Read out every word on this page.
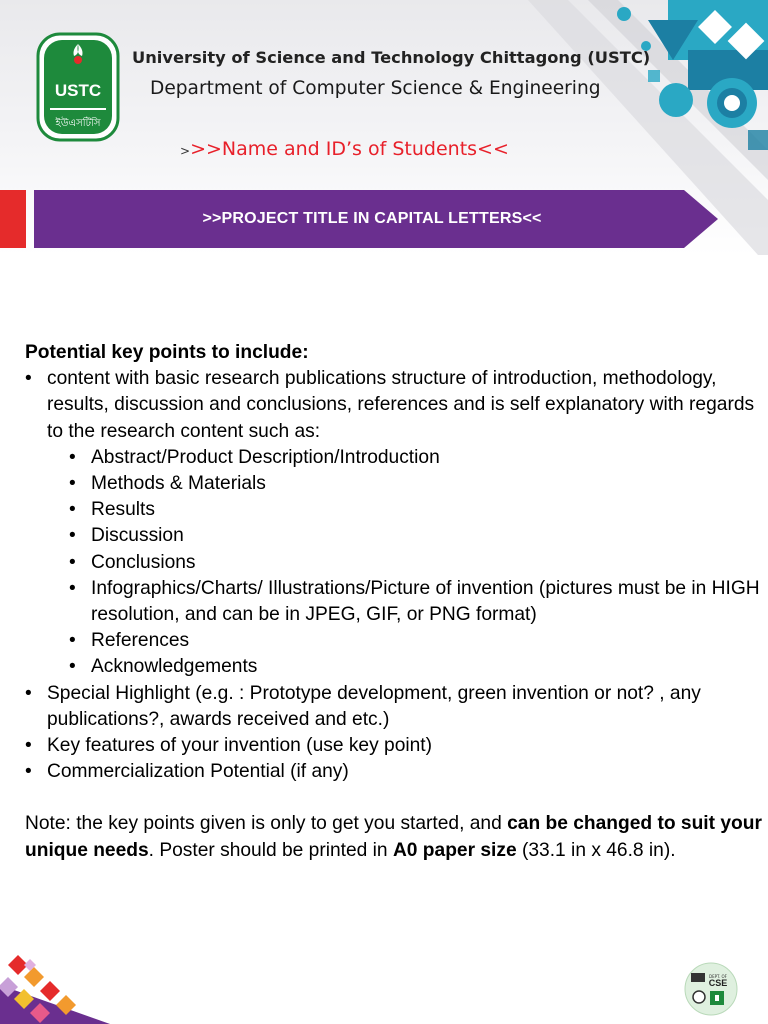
USTC
ইউএসটিসি
University of Science and Technology Chittagong (USTC)
Department of Computer Science & Engineering
>>>Name and ID’s of Students<<
>>PROJECT TITLE IN CAPITAL LETTERS<<

Potential key points to include:

• content with basic research publications structure of introduction, methodology, results, discussion and conclusions, references and is self explanatory with regards to the research content such as:
• Abstract/Product Description/Introduction
• Methods & Materials
• Results
• Discussion
• Conclusions
• Infographics/Charts/ Illustrations/Picture of invention (pictures must be in HIGH resolution, and can be in JPEG, GIF, or PNG format)
• References
• Acknowledgements
• Special Highlight (e.g. : Prototype development, green invention or not? , any publications?, awards received and etc.)
• Key features of your invention (use key point)
• Commercialization Potential (if any)

Note: the key points given is only to get you started, and can be changed to suit your unique needs. Poster should be printed in A0 paper size (33.1 in x 46.8 in).

DEPT. OF
CSE
